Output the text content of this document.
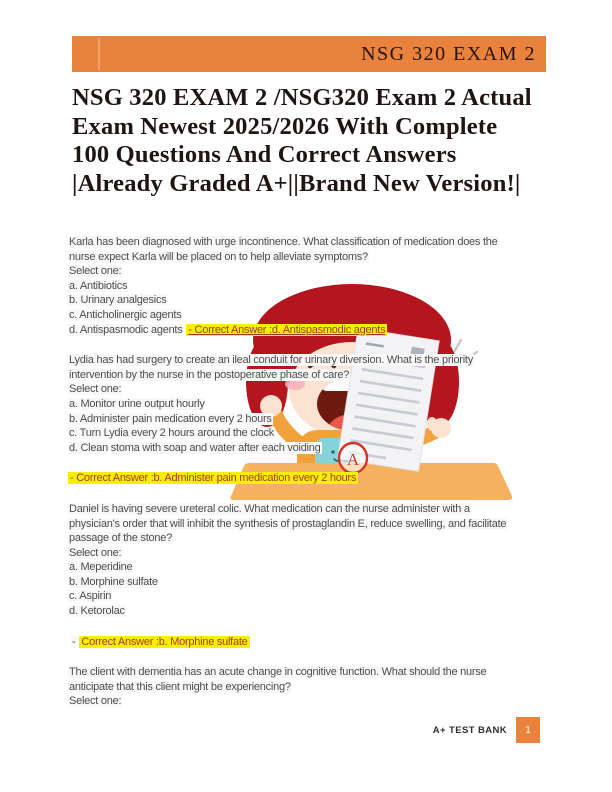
NSG 320 EXAM 2
NSG 320 EXAM 2 /NSG320 Exam 2 Actual
Exam Newest 2025/2026 With Complete
100 Questions And Correct Answers
|Already Graded A+||Brand New Version!|
A
Karla has been diagnosed with urge incontinence. What classification of medication does the
nurse expect Karla will be placed on to help alleviate symptoms?
Select one:
a. Antibiotics
b. Urinary analgesics
c. Anticholinergic agents
d. Antispasmodic agents - Correct Answer :d. Antispasmodic agents
Lydia has had surgery to create an ileal conduit for urinary diversion. What is the priority
intervention by the nurse in the postoperative phase of care?
Select one:
a. Monitor urine output hourly
b. Administer pain medication every 2 hours
c. Turn Lydia every 2 hours around the clock
d. Clean stoma with soap and water after each voiding
- Correct Answer :b. Administer pain medication every 2 hours
Daniel is having severe ureteral colic. What medication can the nurse administer with a
physician's order that will inhibit the synthesis of prostaglandin E, reduce swelling, and facilitate
passage of the stone?
Select one:
a. Meperidine
b. Morphine sulfate
c. Aspirin
d. Ketorolac
- Correct Answer :b. Morphine sulfate
The client with dementia has an acute change in cognitive function. What should the nurse
anticipate that this client might be experiencing?
Select one:
A+ TEST BANK	1
